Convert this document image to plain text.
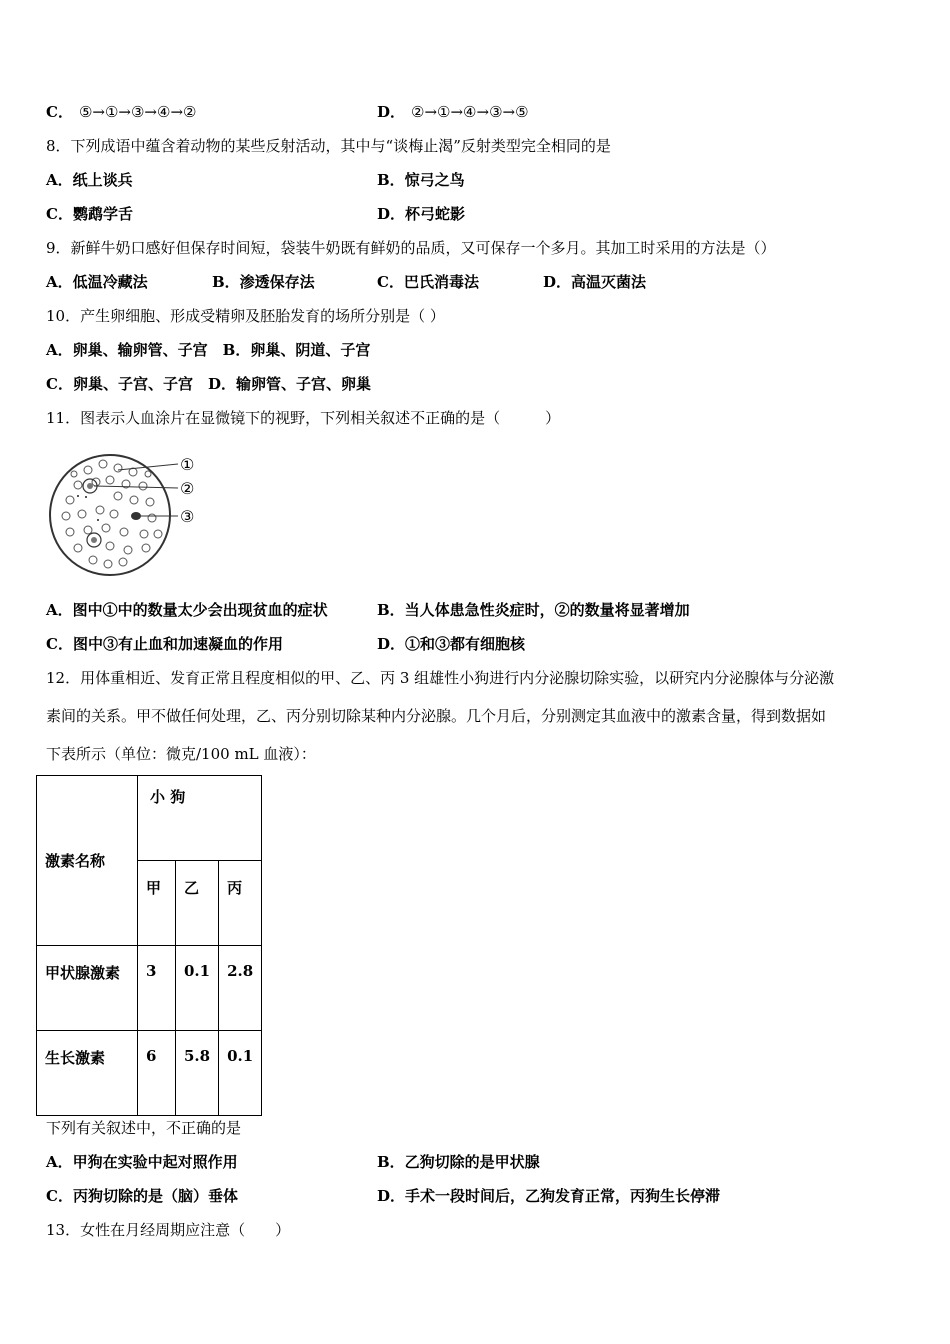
C． ⑤→①→③→④→②	D． ②→①→④→③→⑤
8．下列成语中蕴含着动物的某些反射活动，其中与“谈梅止渴”反射类型完全相同的是
A．纸上谈兵	B．惊弓之鸟
C．鹦鹉学舌	D．杯弓蛇影
9．新鲜牛奶口感好但保存时间短，袋装牛奶既有鲜奶的品质，又可保存一个多月。其加工时采用的方法是（）
A．低温冷藏法	B．渗透保存法	C．巴氏消毒法	D．高温灭菌法
10．产生卵细胞、形成受精卵及胚胎发育的场所分别是（ ）
A．卵巢、输卵管、子宫　B．卵巢、阴道、子宫
C．卵巢、子宫、子宫　D．输卵管、子宫、卵巢
11．图表示人血涂片在显微镜下的视野，下列相关叙述不正确的是（　　　）
①
②
③
A．图中①中的数量太少会出现贫血的症状	B．当人体患急性炎症时，②的数量将显著增加
C．图中③有止血和加速凝血的作用	D．①和③都有细胞核
12．用体重相近、发育正常且程度相似的甲、乙、丙 3 组雄性小狗进行内分泌腺切除实验，以研究内分泌腺体与分泌激
素间的关系。甲不做任何处理，乙、丙分别切除某种内分泌腺。几个月后，分别测定其血液中的激素含量，得到数据如
下表所示（单位：微克/100 mL 血液）：
激素名称	小 狗		

	甲	乙	丙

甲状腺激素	3	0.1	2.8

生长激素	6	5.8	0.1
下列有关叙述中，不正确的是
A．甲狗在实验中起对照作用	B．乙狗切除的是甲状腺
C．丙狗切除的是（脑）垂体	D．手术一段时间后，乙狗发育正常，丙狗生长停滞
13．女性在月经周期应注意（　　）
